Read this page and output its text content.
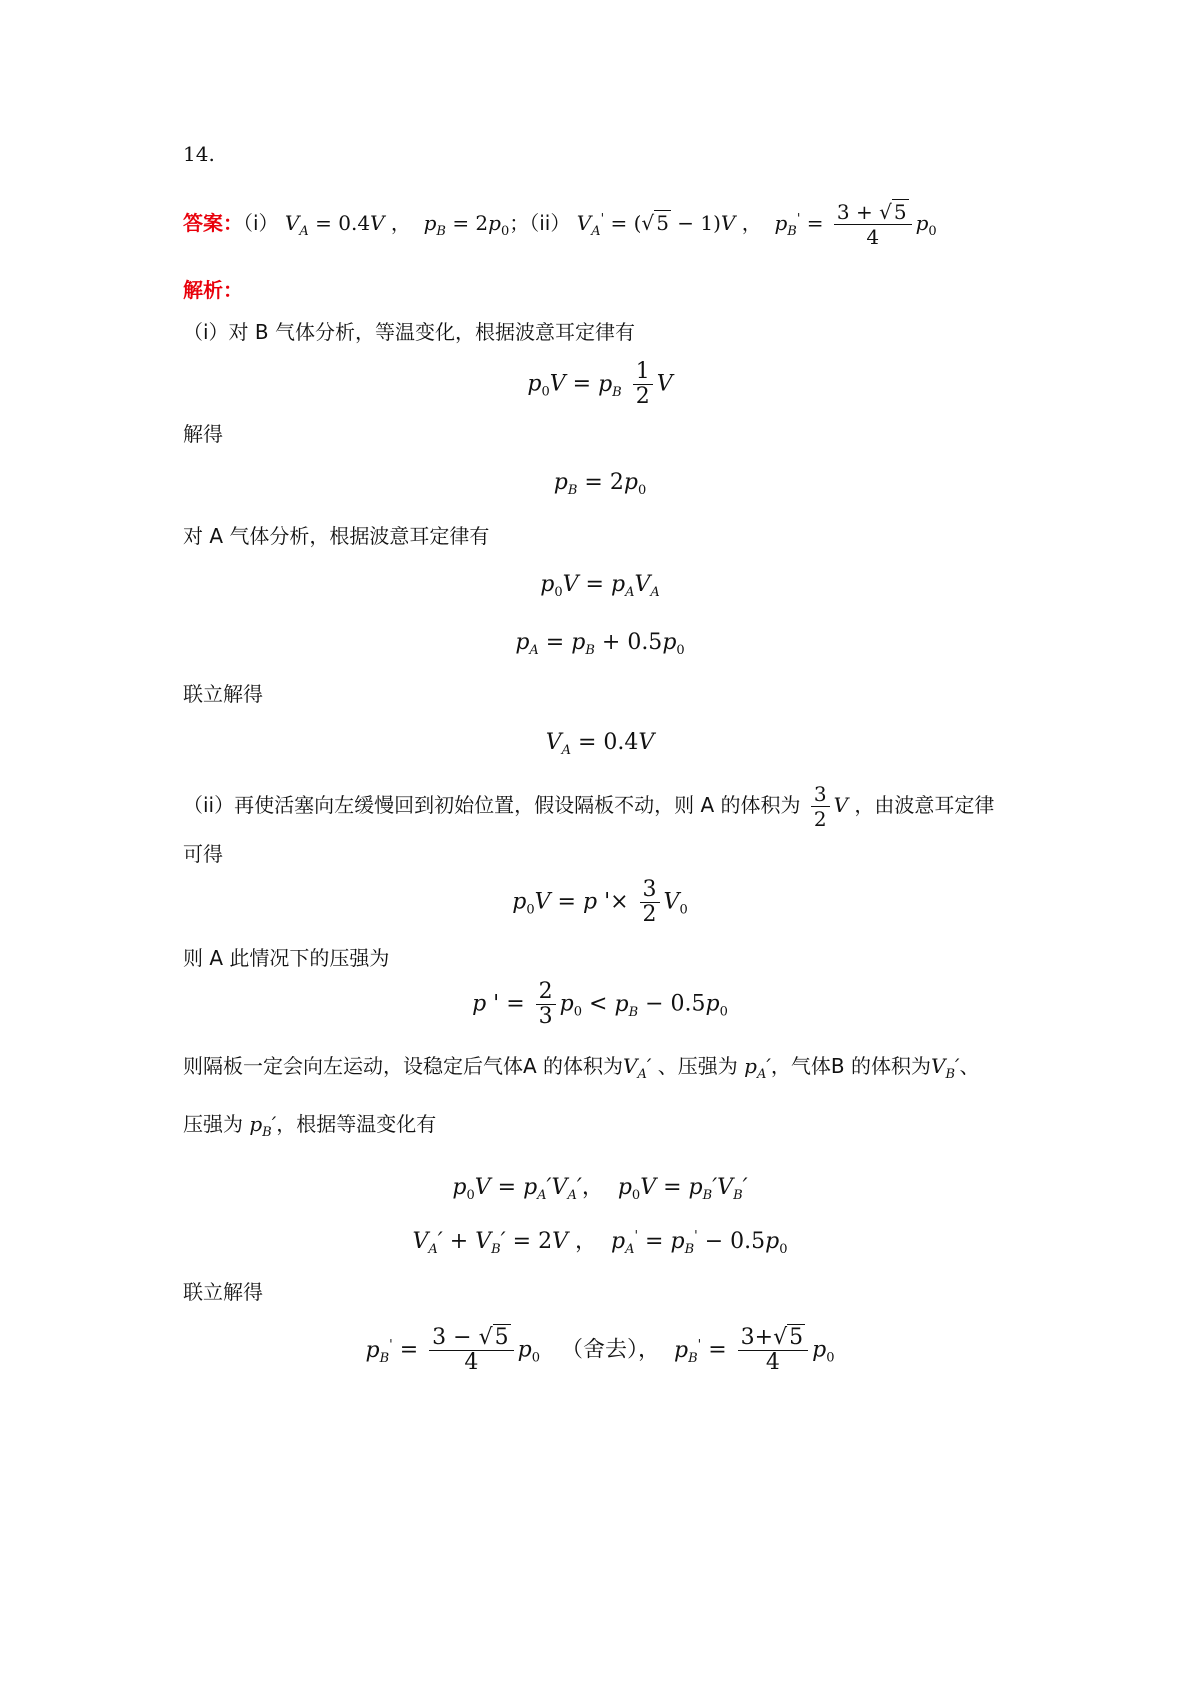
14.
答案：（i） $V_A = 0.4V$ ，  $p_B = 2p_0$；（ii） $V_A'$ = (√ 5 − 1)V ，  $p_B' = \frac{3 + √ 5}{4} p_0$
解析：
（i）对 B 气体分析，等温变化，根据波意耳定律有
$p_0V = p_B \frac{1}{2}$ V
解得
$p_B = 2p_0$
对 A 气体分析，根据波意耳定律有
$p_0V = p_AV_A$
$p_A = p_B + 0.5p_0$
联立解得
$V_A = 0.4V$
（ii）再使活塞向左缓慢回到初始位置，假设隔板不动，则 A 的体积为 $\frac{3}{2}$ V ，由波意耳定律
可得
$p_0V = p$ '× $\frac{3}{2} V_0$
则 A 此情况下的压强为
p ' = $\frac{2}{3} p_0 < p_B - 0.5p_0$
则隔板一定会向左运动，设稳定后气体A 的体积为$V_A'$ 、压强为 $p_A'$，气体B 的体积为$V_B'$、
压强为 $p_B'$，根据等温变化有
$p_0V = p_A'V_A'$，  $p_0V = p_B'V_B'$
$V_A' + V_B' = 2V$ ，  $p_A' = p_B' - 0.5p_0$
联立解得
$p_B' = \frac{3 - √5}{4} p_0$ （舍去），  $p_B' = \frac{3+√5}{4} p_0$
